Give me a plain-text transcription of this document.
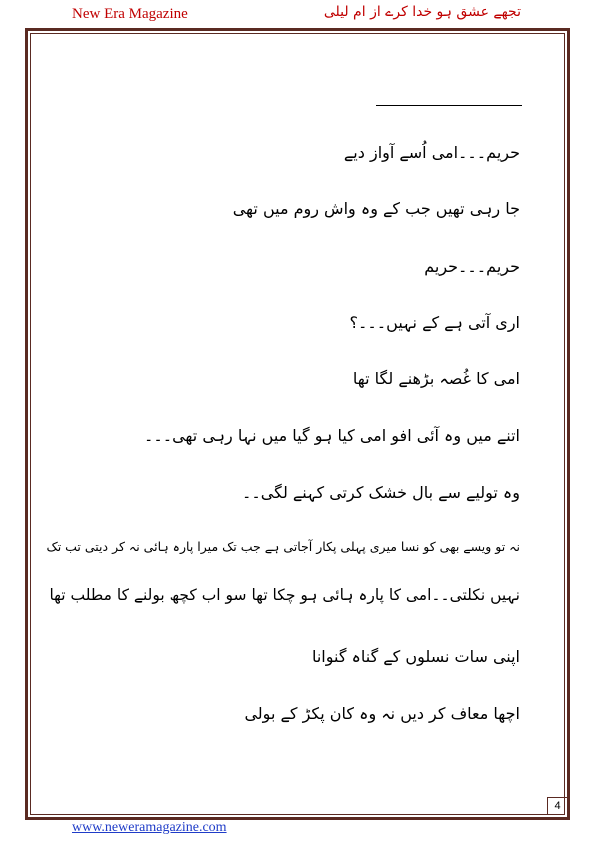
New Era Magazine	تجھے عشق ہو خدا کرے از ام لیلی
حریم۔۔۔امی اُسے آواز دیے
جا رہی تھیں جب کے وہ واش روم میں تھی
حریم۔۔۔حریم
اری آتی ہے کے نہیں۔۔۔؟
امی کا غُصہ بڑھنے لگا تھا
اتنے میں وہ آئی افو امی کیا ہو گیا میں نہا رہی تھی۔۔۔
وہ تولیے سے بال خشک کرتی کہنے لگی۔۔
نہ تو ویسے بھی کو نسا میری پہلی پکار آجاتی ہے جب تک میرا پارہ ہائی نہ کر دیتی تب تک
نہیں نکلتی۔۔امی کا پارہ ہائی ہو چکا تھا سو اب کچھ بولنے کا مطلب تھا
اپنی سات نسلوں کے گناہ گنوانا
اچھا معاف کر دیں نہ وہ کان پکڑ کے بولی
4
www.neweramagazine.com
